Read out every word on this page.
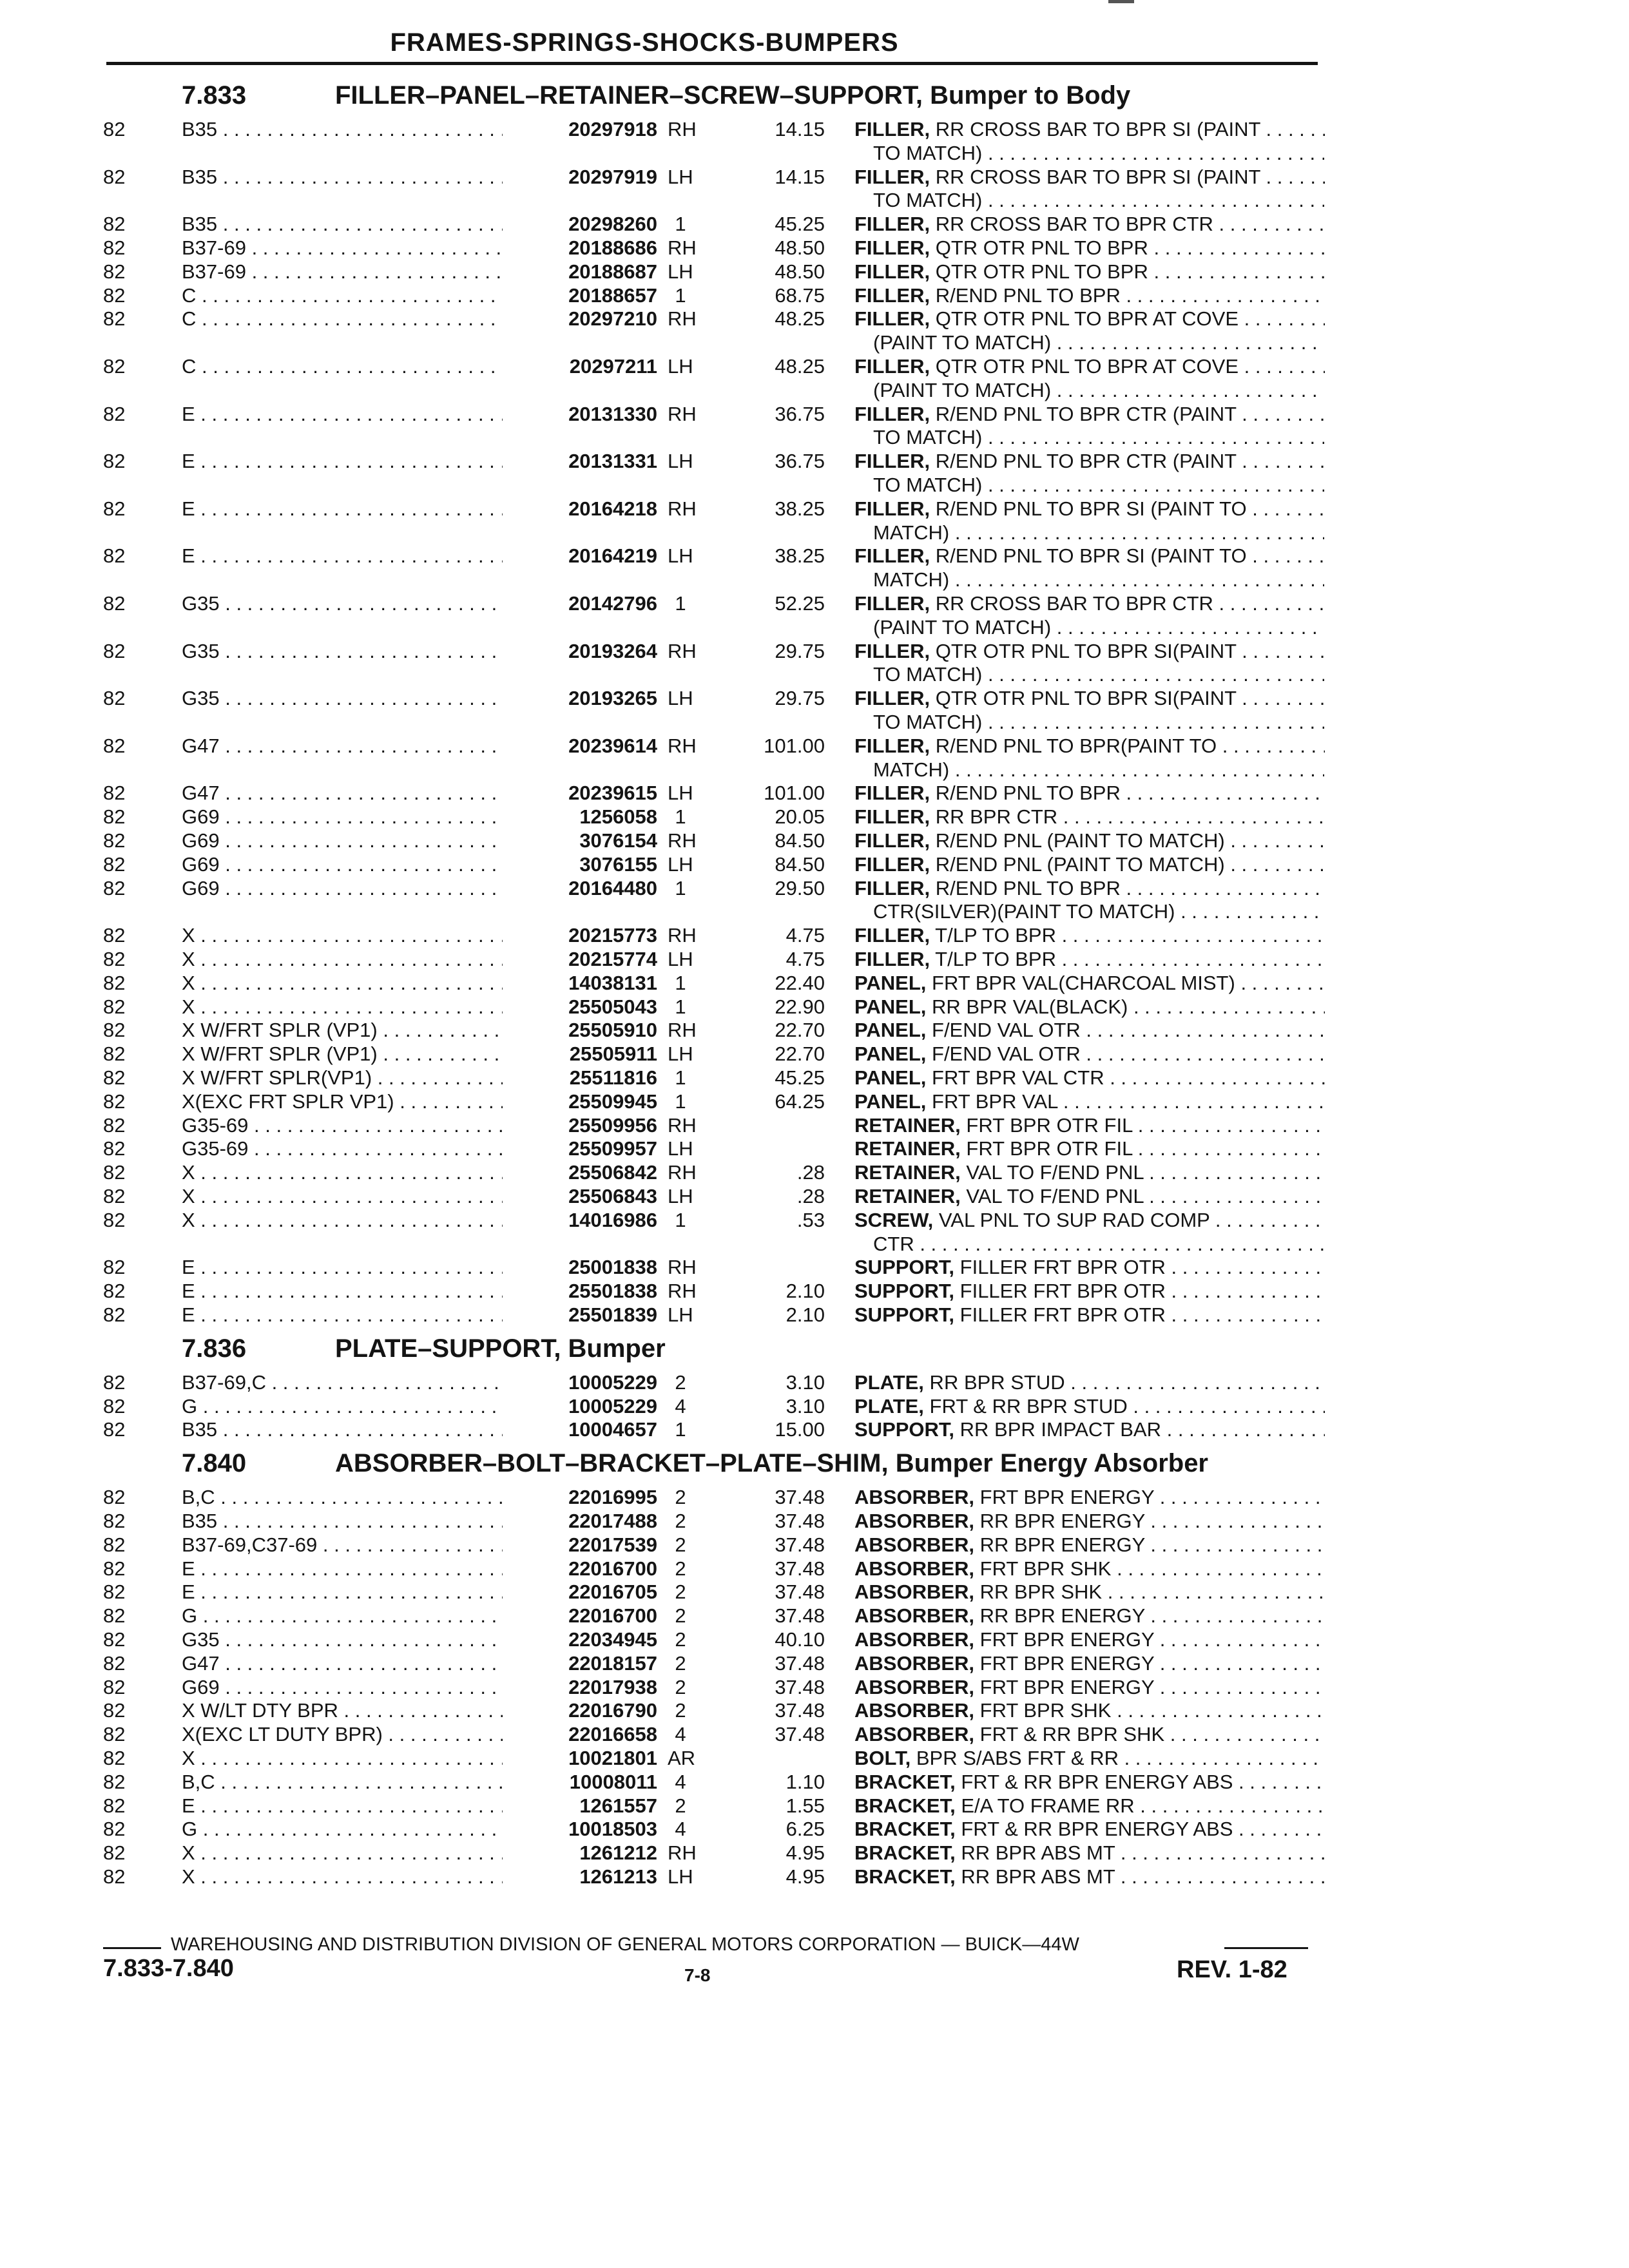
FRAMES-SPRINGS-SHOCKS-BUMPERS
7.833	FILLER–PANEL–RETAINER–SCREW–SUPPORT, Bumper to Body
82	B35 . . .	20297918 RH	14.15 FILLER, RR CROSS BAR TO BPR SI (PAINT . . .
TO MATCH) . . .
82	B35 . . .	20297919 LH	14.15 FILLER, RR CROSS BAR TO BPR SI (PAINT . . .
TO MATCH) . . .
82	B35 . . .	20298260 1	45.25 FILLER, RR CROSS BAR TO BPR CTR . . .
82	B37-69 . . .	20188686 RH	48.50 FILLER, QTR OTR PNL TO BPR . . .
82	B37-69 . . .	20188687 LH	48.50 FILLER, QTR OTR PNL TO BPR . . .
82	C . . .	20188657 1	68.75 FILLER, R/END PNL TO BPR . . .
82	C . . .	20297210 RH	48.25 FILLER, QTR OTR PNL TO BPR AT COVE . . .
(PAINT TO MATCH) . . .
82	C . . .	20297211 LH	48.25 FILLER, QTR OTR PNL TO BPR AT COVE . . .
(PAINT TO MATCH) . . .
82	E . . .	20131330 RH	36.75 FILLER, R/END PNL TO BPR CTR (PAINT . . .
TO MATCH) . . .
82	E . . .	20131331 LH	36.75 FILLER, R/END PNL TO BPR CTR (PAINT . . .
TO MATCH) . . .
82	E . . .	20164218 RH	38.25 FILLER, R/END PNL TO BPR SI (PAINT TO . . .
MATCH) . . .
82	E . . .	20164219 LH	38.25 FILLER, R/END PNL TO BPR SI (PAINT TO . . .
MATCH) . . .
82	G35 . . .	20142796 1	52.25 FILLER, RR CROSS BAR TO BPR CTR . . .
(PAINT TO MATCH) . . .
82	G35 . . .	20193264 RH	29.75 FILLER, QTR OTR PNL TO BPR SI(PAINT . . .
TO MATCH) . . .
82	G35 . . .	20193265 LH	29.75 FILLER, QTR OTR PNL TO BPR SI(PAINT . . .
TO MATCH) . . .
82	G47 . . .	20239614 RH	101.00 FILLER, R/END PNL TO BPR(PAINT TO . . .
MATCH) . . .
82	G47 . . .	20239615 LH	101.00 FILLER, R/END PNL TO BPR . . .
82	G69 . . .	1256058 1	20.05 FILLER, RR BPR CTR . . .
82	G69 . . .	3076154 RH	84.50 FILLER, R/END PNL (PAINT TO MATCH) . . .
82	G69 . . .	3076155 LH	84.50 FILLER, R/END PNL (PAINT TO MATCH) . . .
82	G69 . . .	20164480 1	29.50 FILLER, R/END PNL TO BPR . . .
CTR(SILVER)(PAINT TO MATCH) . . .
82	X . . .	20215773 RH	4.75 FILLER, T/LP TO BPR . . .
82	X . . .	20215774 LH	4.75 FILLER, T/LP TO BPR . . .
82	X . . .	14038131 1	22.40 PANEL, FRT BPR VAL(CHARCOAL MIST) . . .
82	X . . .	25505043 1	22.90 PANEL, RR BPR VAL(BLACK) . . .
82	X W/FRT SPLR (VP1) . . .	25505910 RH	22.70 PANEL, F/END VAL OTR . . .
82	X W/FRT SPLR (VP1) . . .	25505911 LH	22.70 PANEL, F/END VAL OTR . . .
82	X W/FRT SPLR(VP1) . . .	25511816 1	45.25 PANEL, FRT BPR VAL CTR . . .
82	X(EXC FRT SPLR VP1) . . .	25509945 1	64.25 PANEL, FRT BPR VAL . . .
82	G35-69 . . .	25509956 RH	RETAINER, FRT BPR OTR FIL . . .
82	G35-69 . . .	25509957 LH	RETAINER, FRT BPR OTR FIL . . .
82	X . . .	25506842 RH	.28 RETAINER, VAL TO F/END PNL . . .
82	X . . .	25506843 LH	.28 RETAINER, VAL TO F/END PNL . . .
82	X . . .	14016986 1	.53 SCREW, VAL PNL TO SUP RAD COMP . . .
CTR . . .
82	E . . .	25001838 RH	SUPPORT, FILLER FRT BPR OTR . . .
82	E . . .	25501838 RH	2.10 SUPPORT, FILLER FRT BPR OTR . . .
82	E . . .	25501839 LH	2.10 SUPPORT, FILLER FRT BPR OTR . . .
7.836	PLATE–SUPPORT, Bumper
82	B37-69,C . . .	10005229 2	3.10 PLATE, RR BPR STUD . . .
82	G . . .	10005229 4	3.10 PLATE, FRT & RR BPR STUD . . .
82	B35 . . .	10004657 1	15.00 SUPPORT, RR BPR IMPACT BAR . . .
7.840	ABSORBER–BOLT–BRACKET–PLATE–SHIM, Bumper Energy Absorber
82	B,C . . .	22016995 2	37.48 ABSORBER, FRT BPR ENERGY . . .
82	B35 . . .	22017488 2	37.48 ABSORBER, RR BPR ENERGY . . .
82	B37-69,C37-69 . . .	22017539 2	37.48 ABSORBER, RR BPR ENERGY . . .
82	E . . .	22016700 2	37.48 ABSORBER, FRT BPR SHK . . .
82	E . . .	22016705 2	37.48 ABSORBER, RR BPR SHK . . .
82	G . . .	22016700 2	37.48 ABSORBER, RR BPR ENERGY . . .
82	G35 . . .	22034945 2	40.10 ABSORBER, FRT BPR ENERGY . . .
82	G47 . . .	22018157 2	37.48 ABSORBER, FRT BPR ENERGY . . .
82	G69 . . .	22017938 2	37.48 ABSORBER, FRT BPR ENERGY . . .
82	X W/LT DTY BPR . . .	22016790 2	37.48 ABSORBER, FRT BPR SHK . . .
82	X(EXC LT DUTY BPR) . . .	22016658 4	37.48 ABSORBER, FRT & RR BPR SHK . . .
82	X . . .	10021801 AR	BOLT, BPR S/ABS FRT & RR . . .
82	B,C . . .	10008011 4	1.10 BRACKET, FRT & RR BPR ENERGY ABS . . .
82	E . . .	1261557 2	1.55 BRACKET, E/A TO FRAME RR . . .
82	G . . .	10018503 4	6.25 BRACKET, FRT & RR BPR ENERGY ABS . . .
82	X . . .	1261212 RH	4.95 BRACKET, RR BPR ABS MT . . .
82	X . . .	1261213 LH	4.95 BRACKET, RR BPR ABS MT . . .
WAREHOUSING AND DISTRIBUTION DIVISION OF GENERAL MOTORS CORPORATION — BUICK—44W
7.833-7.840	7-8	REV. 1-82
